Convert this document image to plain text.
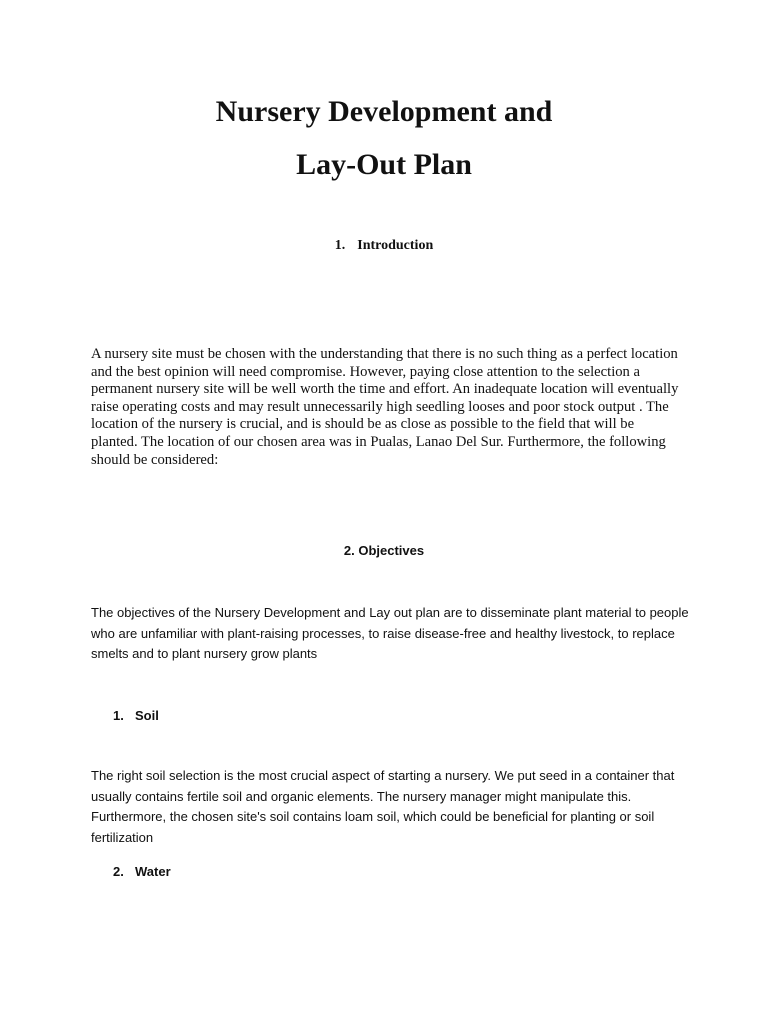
Nursery Development and
Lay-Out Plan
1. Introduction
A nursery site must be chosen with the understanding that there is no such thing as a perfect location and the best opinion will need compromise. However, paying close attention to the selection a permanent nursery site will be well worth the time and effort. An inadequate location will eventually raise operating costs and may result unnecessarily high seedling looses and poor stock output . The location of the nursery is crucial, and is should be as close as possible to the field that will be planted. The location of our chosen area was in Pualas, Lanao Del Sur. Furthermore, the following should be considered:
2. Objectives
The objectives of the Nursery Development and Lay out plan are to disseminate plant material to people who are unfamiliar with plant-raising processes, to raise disease-free and healthy livestock, to replace smelts and to plant nursery grow plants
1. Soil
The right soil selection is the most crucial aspect of starting a nursery. We put seed in a container that usually contains fertile soil and organic elements. The nursery manager might manipulate this. Furthermore, the chosen site's soil contains loam soil, which could be beneficial for planting or soil fertilization
2. Water
